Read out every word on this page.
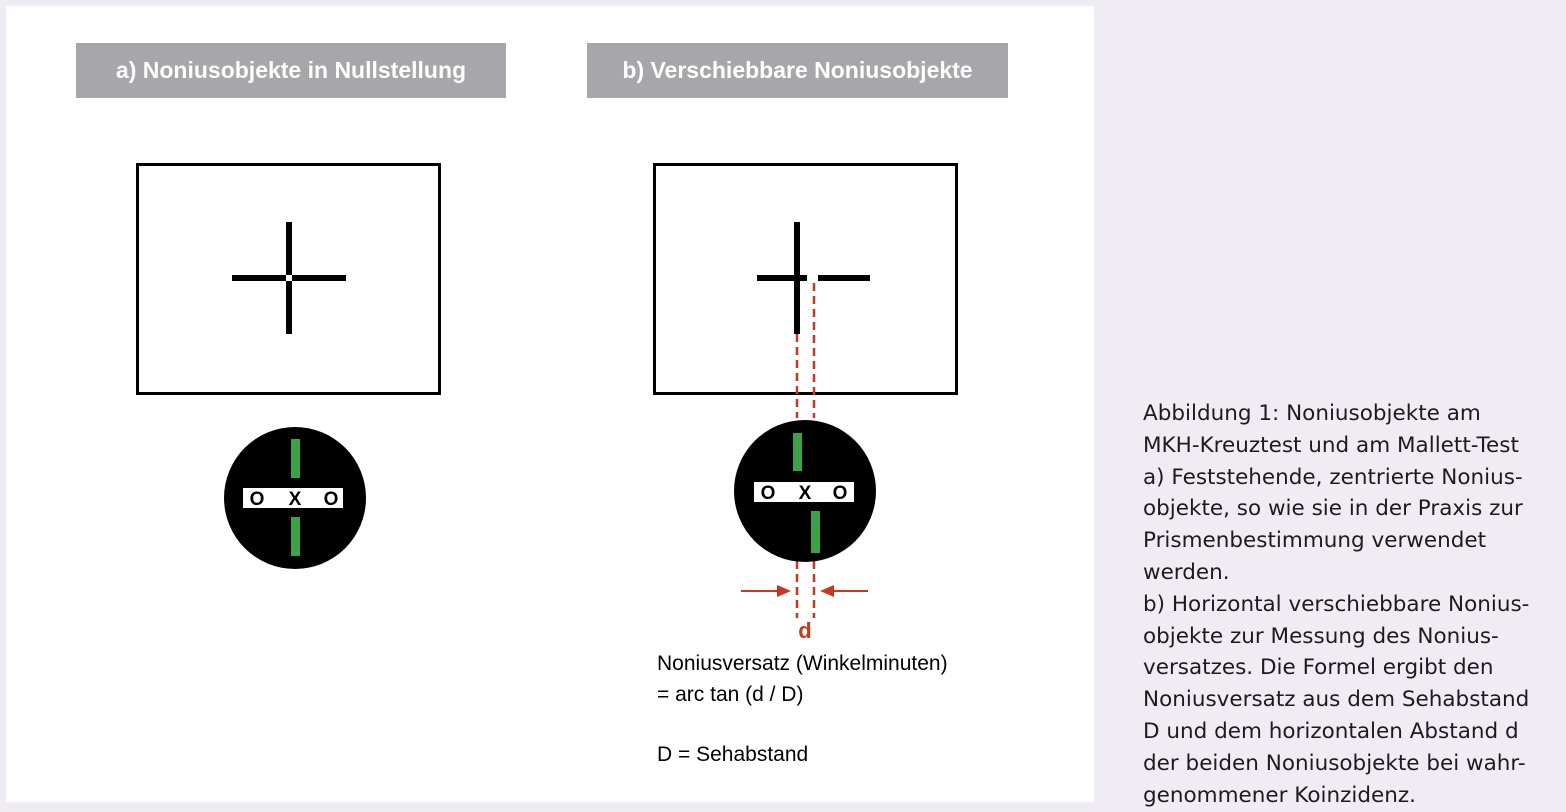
a) Noniusobjekte in Nullstellung	b) Verschiebbare Noniusobjekte
O X O	O X O
d
Noniusversatz (Winkelminuten)
= arc tan (d / D)
D = Sehabstand
Abbildung 1: Noniusobjekte am
MKH-Kreuztest und am Mallett-Test
a) Feststehende, zentrierte Nonius-
objekte, so wie sie in der Praxis zur
Prismenbestimmung verwendet
werden.
b) Horizontal verschiebbare Nonius-
objekte zur Messung des Nonius-
versatzes. Die Formel ergibt den
Noniusversatz aus dem Sehabstand
D und dem horizontalen Abstand d
der beiden Noniusobjekte bei wahr-
genommener Koinzidenz.
